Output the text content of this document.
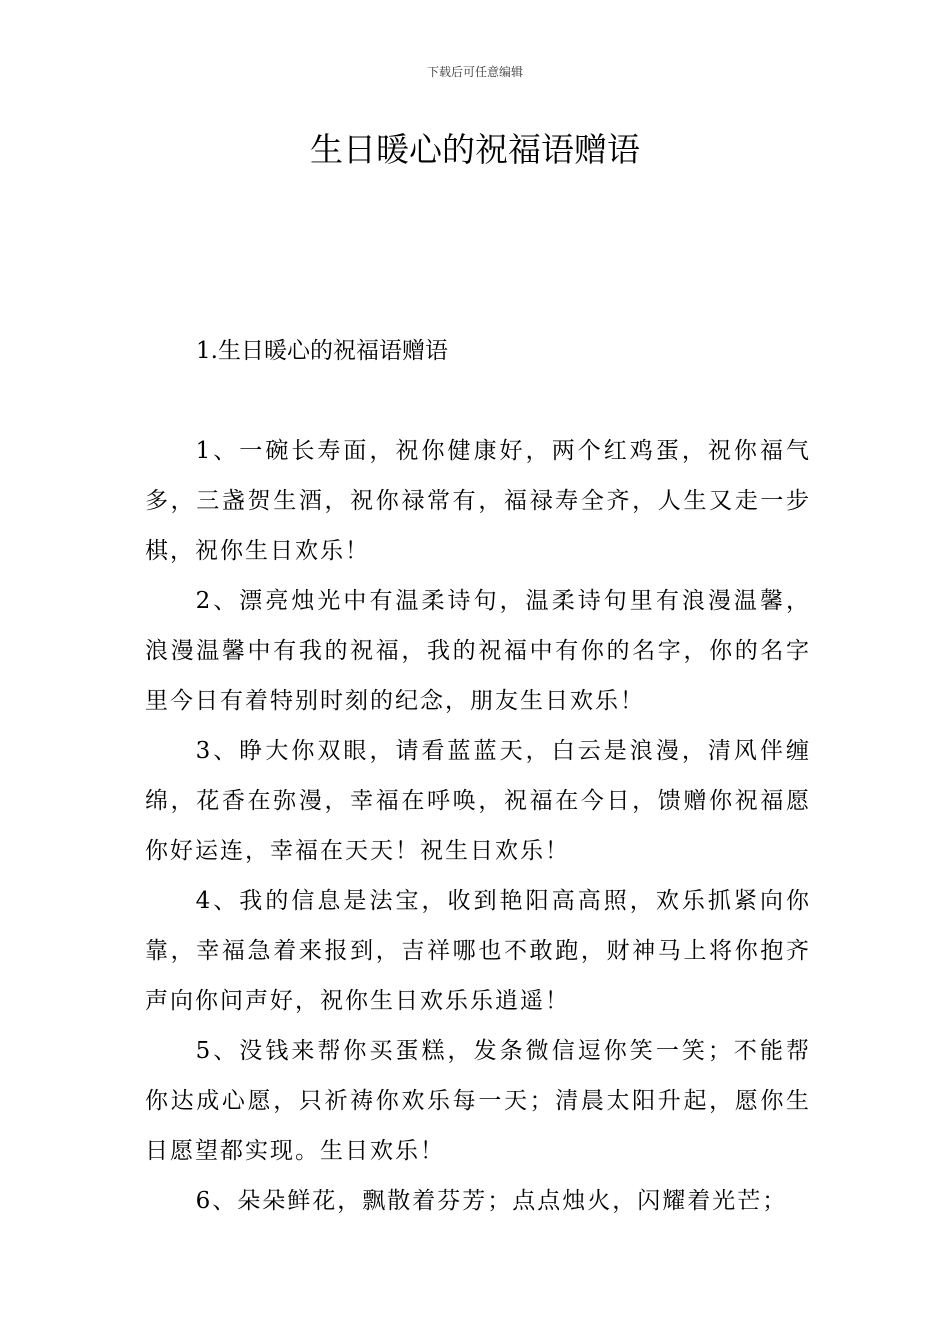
下载后可任意编辑
生日暖心的祝福语赠语

1.生日暖心的祝福语赠语

1、一碗长寿面，祝你健康好，两个红鸡蛋，祝你福气多，三盏贺生酒，祝你禄常有，福禄寿全齐，人生又走一步棋，祝你生日欢乐！

2、漂亮烛光中有温柔诗句，温柔诗句里有浪漫温馨，浪漫温馨中有我的祝福，我的祝福中有你的名字，你的名字里今日有着特别时刻的纪念，朋友生日欢乐！

3、睁大你双眼，请看蓝蓝天，白云是浪漫，清风伴缠绵，花香在弥漫，幸福在呼唤，祝福在今日，馈赠你祝福愿你好运连，幸福在天天！祝生日欢乐！

4、我的信息是法宝，收到艳阳高高照，欢乐抓紧向你靠，幸福急着来报到，吉祥哪也不敢跑，财神马上将你抱齐声向你问声好，祝你生日欢乐乐逍遥！

5、没钱来帮你买蛋糕，发条微信逗你笑一笑；不能帮你达成心愿，只祈祷你欢乐每一天；清晨太阳升起，愿你生日愿望都实现。生日欢乐！

6、朵朵鲜花，飘散着芬芳；点点烛火，闪耀着光芒；
